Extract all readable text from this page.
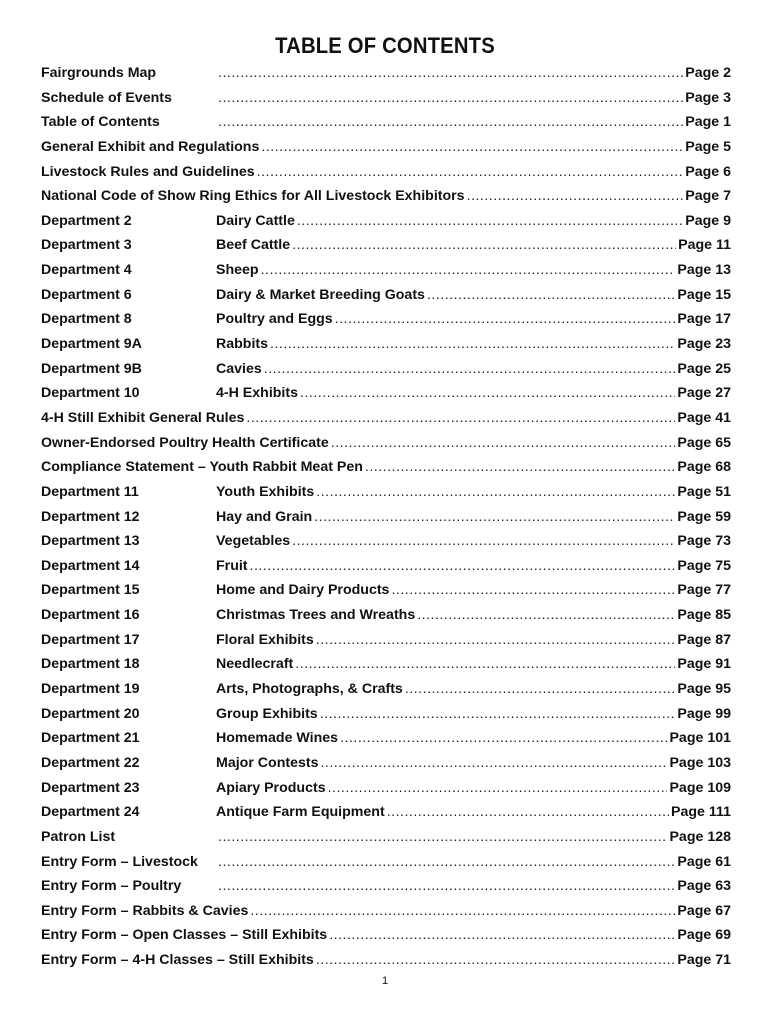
TABLE OF CONTENTS
Fairgrounds Map .....	Page 2
Schedule of Events .....	Page 3
Table of Contents .....	Page 1
General Exhibit and Regulations .....	Page 5
Livestock Rules and Guidelines .....	Page 6
National Code of Show Ring Ethics for All Livestock Exhibitors .....	Page 7
Department 2	Dairy Cattle .....	Page 9
Department 3	Beef Cattle .....	Page 11
Department 4	Sheep .....	Page 13
Department 6	Dairy & Market Breeding Goats .....	Page 15
Department 8	Poultry and Eggs .....	Page 17
Department 9A	Rabbits .....	Page 23
Department 9B	Cavies .....	Page 25
Department 10	4-H Exhibits .....	Page 27
4-H Still Exhibit General Rules .....	Page 41
Owner-Endorsed Poultry Health Certificate .....	Page 65
Compliance Statement – Youth Rabbit Meat Pen .....	Page 68
Department 11	Youth Exhibits .....	Page 51
Department 12	Hay and Grain .....	Page 59
Department 13	Vegetables .....	Page 73
Department 14	Fruit .....	Page 75
Department 15	Home and Dairy Products .....	Page 77
Department 16	Christmas Trees and Wreaths .....	Page 85
Department 17	Floral Exhibits .....	Page 87
Department 18	Needlecraft .....	Page 91
Department 19	Arts, Photographs, & Crafts .....	Page 95
Department 20	Group Exhibits .....	Page 99
Department 21	Homemade Wines .....	Page 101
Department 22	Major Contests .....	Page 103
Department 23	Apiary Products .....	Page 109
Department 24	Antique Farm Equipment .....	Page 111
Patron List .....	Page 128
Entry Form – Livestock .....	Page 61
Entry Form – Poultry .....	Page 63
Entry Form – Rabbits & Cavies .....	Page 67
Entry Form – Open Classes – Still Exhibits .....	Page 69
Entry Form – 4-H Classes – Still Exhibits .....	Page 71
1
